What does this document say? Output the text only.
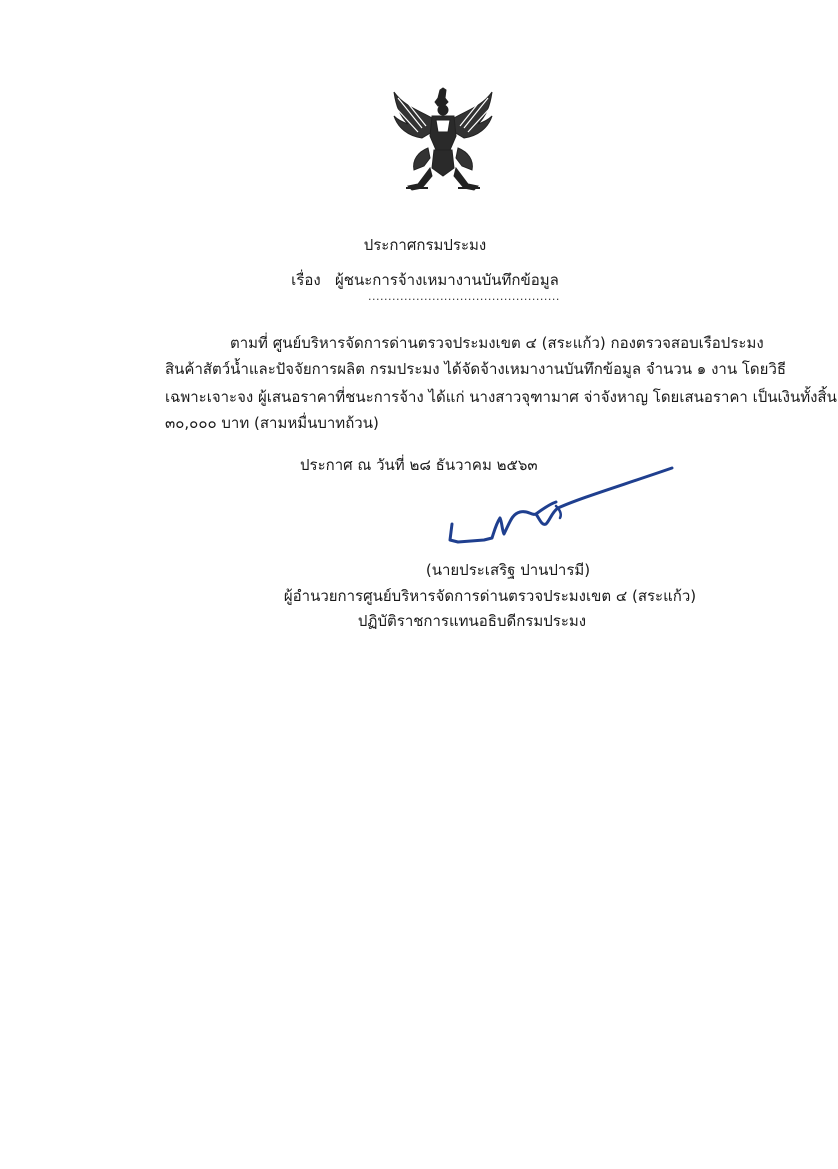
ประกาศกรมประมง
เรื่อง ผู้ชนะการจ้างเหมางานบันทึกข้อมูล
................................................
ตามที่ ศูนย์บริหารจัดการด่านตรวจประมงเขต ๔ (สระแก้ว) กองตรวจสอบเรือประมง
สินค้าสัตว์น้ำและปัจจัยการผลิต กรมประมง ได้จัดจ้างเหมางานบันทึกข้อมูล จำนวน ๑ งาน โดยวิธี
เฉพาะเจาะจง ผู้เสนอราคาที่ชนะการจ้าง ได้แก่ นางสาวจุฑามาศ จ่าจังหาญ โดยเสนอราคา เป็นเงินทั้งสิ้น
๓๐,๐๐๐ บาท (สามหมื่นบาทถ้วน)
ประกาศ ณ วันที่ ๒๘ ธันวาคม ๒๕๖๓
(นายประเสริฐ ปานปารมี)
ผู้อำนวยการศูนย์บริหารจัดการด่านตรวจประมงเขต ๔ (สระแก้ว)
ปฏิบัติราชการแทนอธิบดีกรมประมง
